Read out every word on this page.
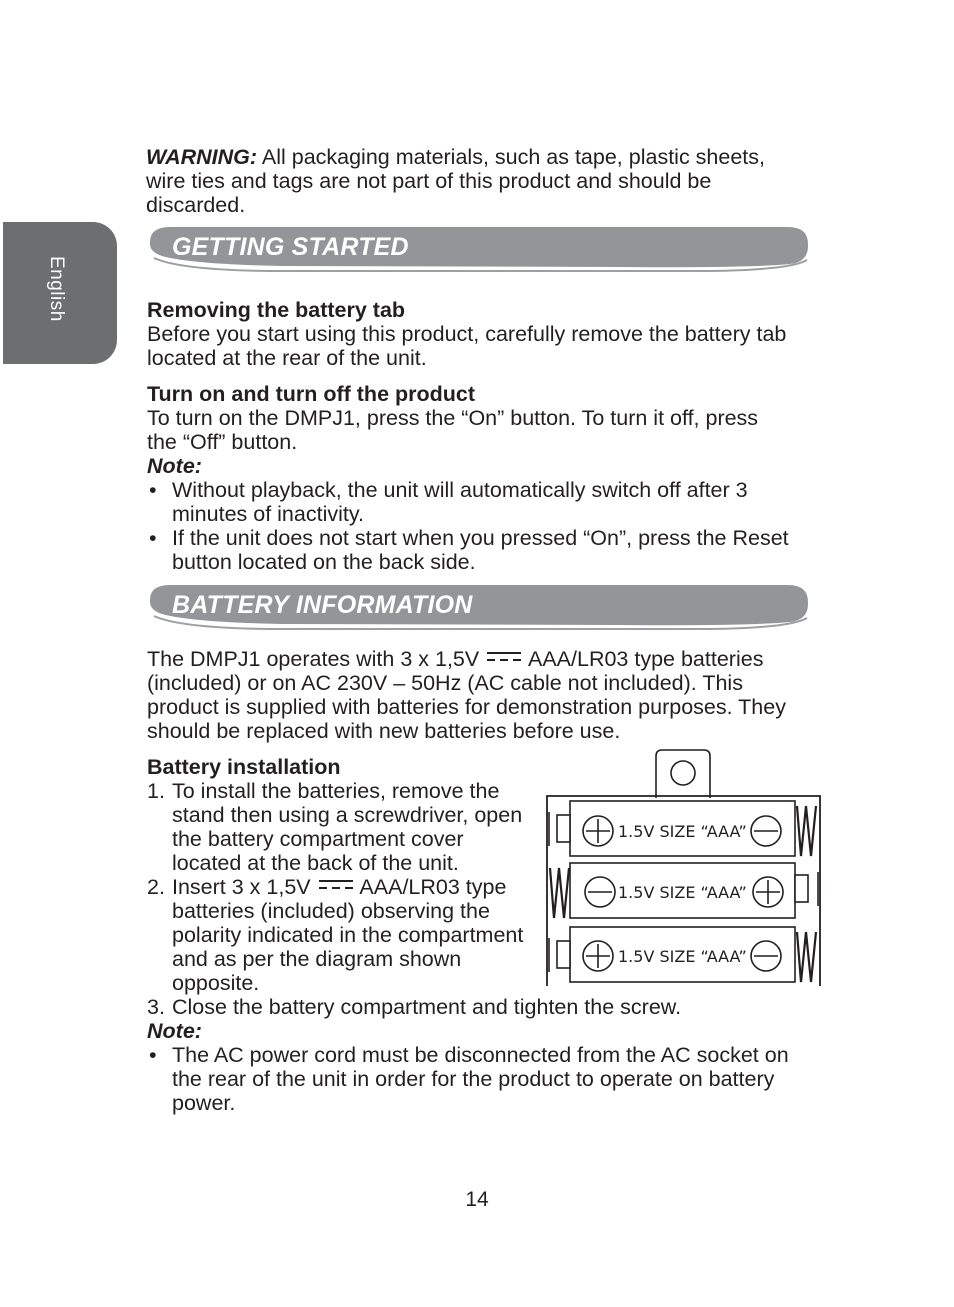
English
WARNING: All packaging materials, such as tape, plastic sheets, wire ties and tags are not part of this product and should be discarded.
GETTING STARTED
Removing the battery tab

Before you start using this product, carefully remove the battery tab located at the rear of the unit.

Turn on and turn off the product

To turn on the DMPJ1, press the “On” button. To turn it off, press the “Off” button.

Note:
• Without playback, the unit will automatically switch off after 3 minutes of inactivity.
• If the unit does not start when you pressed “On”, press the Reset button located on the back side.
BATTERY INFORMATION
The DMPJ1 operates with 3 x 1,5V AAA/LR03 type batteries (included) or on AC 230V – 50Hz (AC cable not included). This product is supplied with batteries for demonstration purposes. They should be replaced with new batteries before use.
Battery installation
1. To install the batteries, remove the stand then using a screwdriver, open the battery compartment cover located at the back of the unit.
2. Insert 3 x 1,5V AAA/LR03 type batteries (included) observing the polarity indicated in the compartment and as per the diagram shown opposite.
3. Close the battery compartment and tighten the screw.
Note:
• The AC power cord must be disconnected from the AC socket on the rear of the unit in order for the product to operate on battery power.
1.5V SIZE “AAA”
1.5V SIZE “AAA”
1.5V SIZE “AAA”
14
